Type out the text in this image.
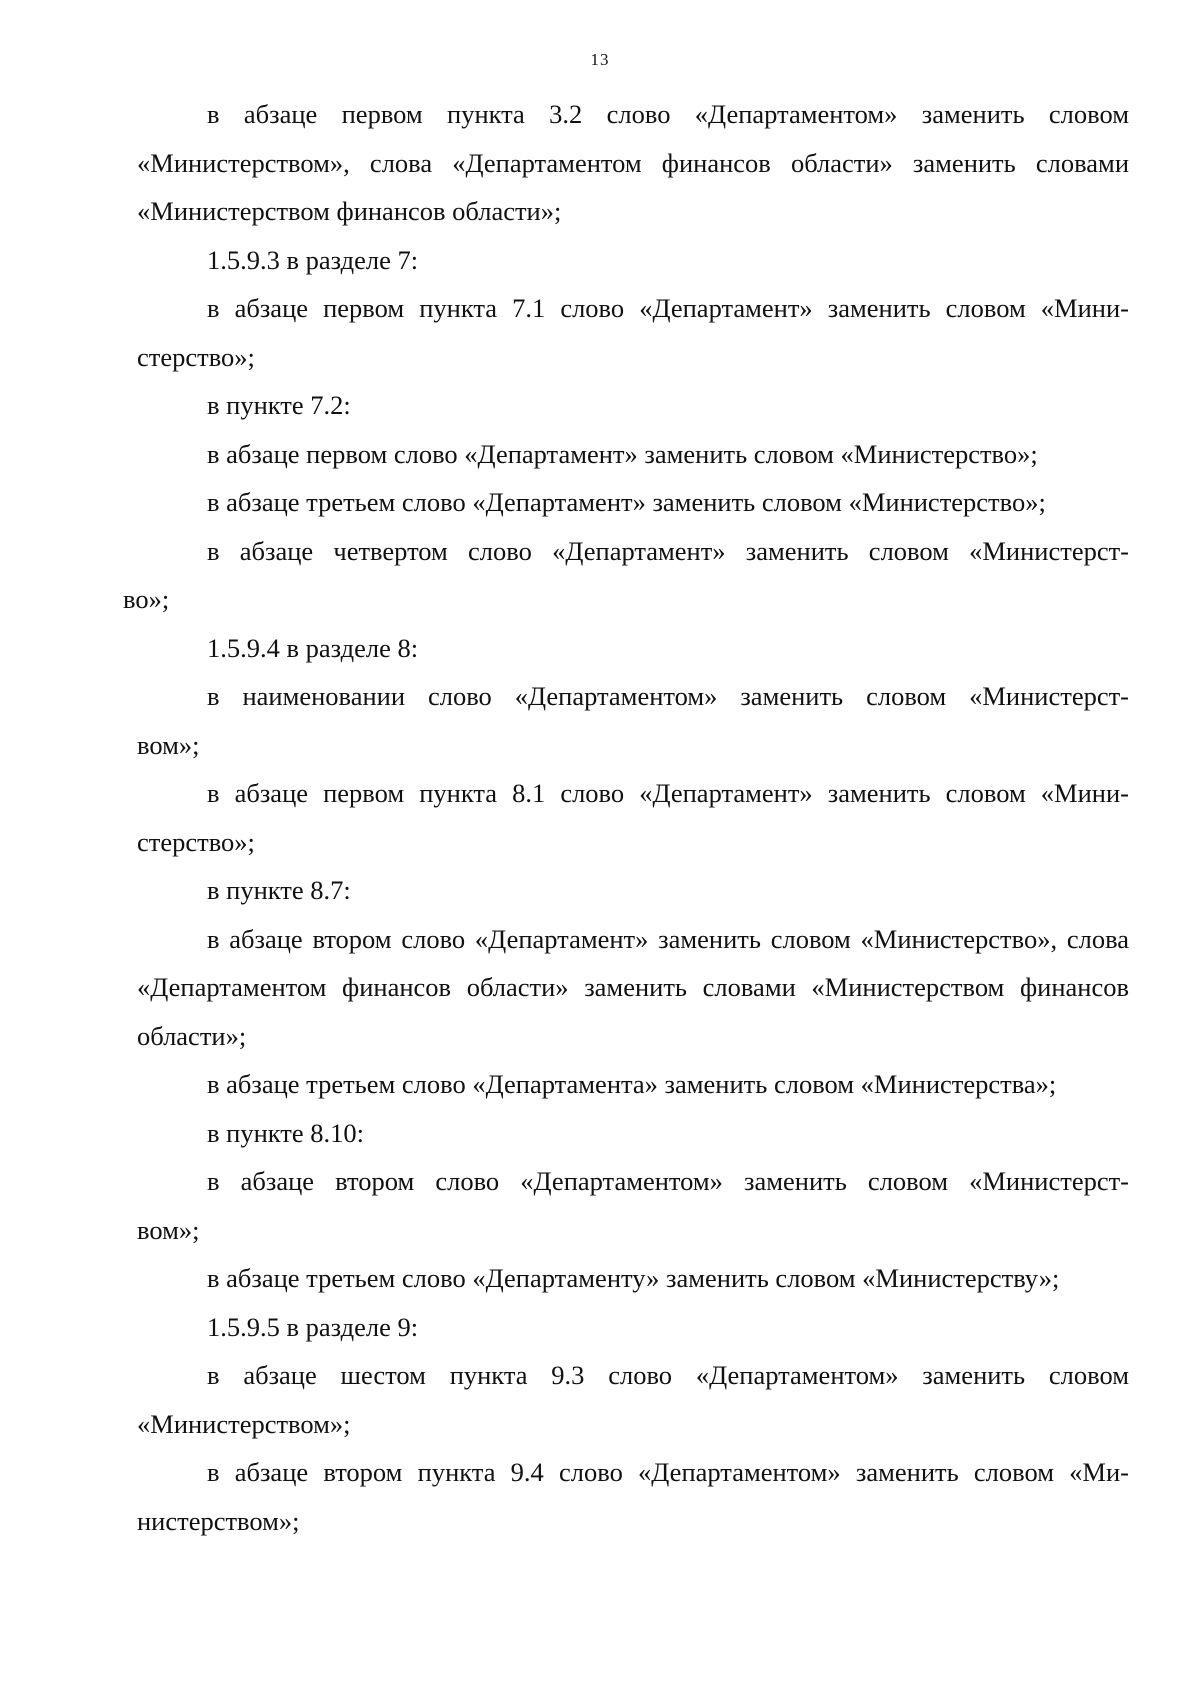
13

в абзаце первом пункта 3.2 слово «Департаментом» заменить словом «Министерством», слова «Департаментом финансов области» заменить словами «Министерством финансов области»;

1.5.9.3 в разделе 7:

в абзаце первом пункта 7.1 слово «Департамент» заменить словом «Мини-

стерство»;

в пункте 7.2:

в абзаце первом слово «Департамент» заменить словом «Министерство»;

в абзаце третьем слово «Департамент» заменить словом «Министерство»;

в абзаце четвертом слово «Департамент» заменить словом «Министерст-

во»;

1.5.9.4 в разделе 8:

в наименовании слово «Департаментом» заменить словом «Министерст-

вом»;

в абзаце первом пункта 8.1 слово «Департамент» заменить словом «Мини-

стерство»;

в пункте 8.7:

в абзаце втором слово «Департамент» заменить словом «Министерство», слова «Департаментом финансов области» заменить словами «Министерством финансов области»;

в абзаце третьем слово «Департамента» заменить словом «Министерства»;

в пункте 8.10:

в абзаце втором слово «Департаментом» заменить словом «Министерст-

вом»;

в абзаце третьем слово «Департаменту» заменить словом «Министерству»;

1.5.9.5 в разделе 9:

в абзаце шестом пункта 9.3 слово «Департаментом» заменить словом «Министерством»;

в абзаце втором пункта 9.4 слово «Департаментом» заменить словом «Ми-

нистерством»;
